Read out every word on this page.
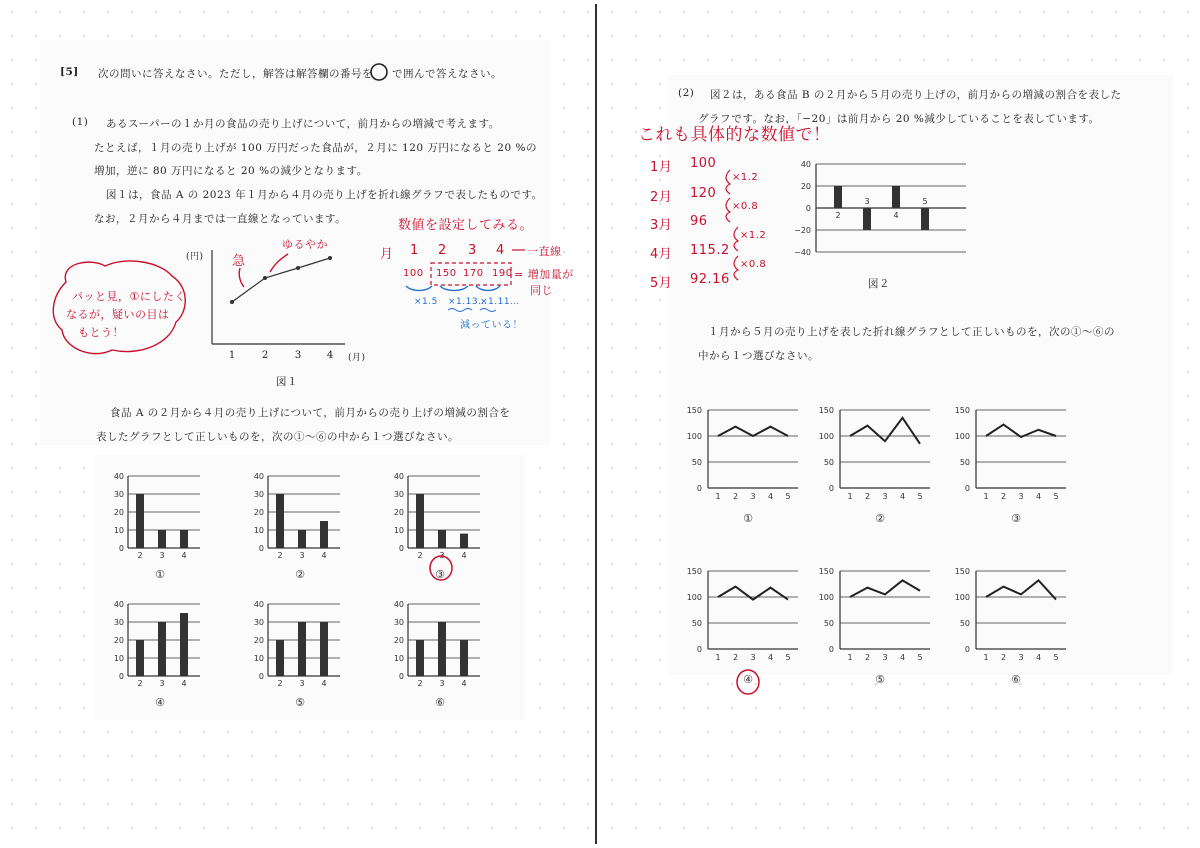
[5] 次の問いに答えなさい。ただし，解答は解答欄の番号を で囲んで答えなさい。
(1) あるスーパーの１か月の食品の売り上げについて，前月からの増減で考えます。
たとえば，１月の売り上げが 100 万円だった食品が，２月に 120 万円になると 20 %の
増加，逆に 80 万円になると 20 %の減少となります。
図１は，食品 A の 2023 年１月から４月の売り上げを折れ線グラフで表したものです。
なお，２月から４月までは一直線となっています。
(円)
1	2	3	4	(月)
図１
食品 A の２月から４月の売り上げについて，前月からの売り上げの増減の割合を
表したグラフとして正しいものを，次の①～⑥の中から１つ選びなさい。
0
10
20
30
40
2 3 4
①
0
10
20
30
40
2 3 4
②
0
10
20
30
40
2 3 4
③
0
10
20
30
40
2 3 4
④
0
10
20
30
40
2 3 4
⑤
0
10
20
30
40
2 3 4
⑥
急
ゆるやか
パッと見，①にしたく
なるが，疑いの目は
もとう！
数値を設定してみる。
月 1 2 3 4 一直線
100 150 170 190 = 増加量が
同じ
×1.5 ×1.13…
×1.11…
減っている！
(2) 図２は，ある食品 B の２月から５月の売り上げの，前月からの増減の割合を表した
グラフです。なお，「−20」は前月から 20 %減少していることを表しています。
これも具体的な数値で！
1月 100
2月 120
3月 96
4月 115.2
5月 92.16
×1.2
×0.8
×1.2
×0.8
40
20
0
−20
−40
2
3
4
5
図２
１月から５月の売り上げを表した折れ線グラフとして正しいものを，次の①～⑥の
中から１つ選びなさい。
0
50
100
150
1 2 3 4 5
①
0
50
100
150
1 2 3 4 5
②
0
50
100
150
1 2 3 4 5
③
0
50
100
150
1 2 3 4 5
④
0
50
100
150
1 2 3 4 5
⑤
0
50
100
150
1 2 3 4 5
⑥
